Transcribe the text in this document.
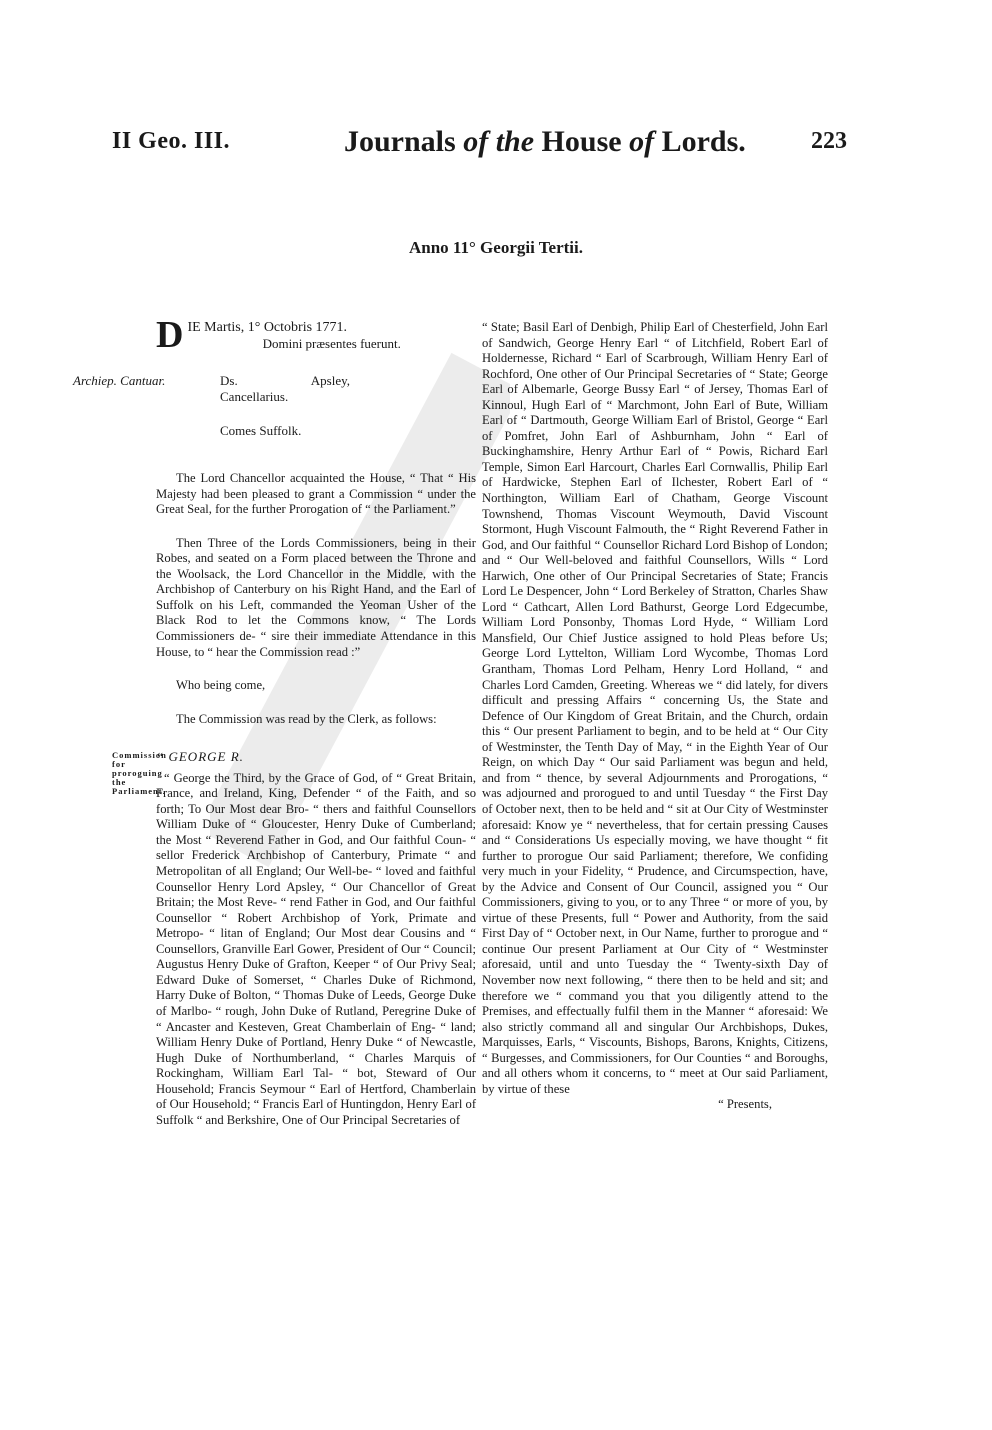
II Geo. III.	Journals of the House of Lords.	223
Anno 11° Georgii Tertii.

DIE Martis, 1° Octobris 1771.

Domini præsentes fuerunt.

Archiep. Cantuar.	Ds. Apsley, Cancellarius.
Comes Suffolk.

The Lord Chancellor acquainted the House, “ That “ His Majesty had been pleased to grant a Commission “ under the Great Seal, for the further Prorogation of “ the Parliament.”

Then Three of the Lords Commissioners, being in their Robes, and seated on a Form placed between the Throne and the Woolsack, the Lord Chancellor in the Middle, with the Archbishop of Canterbury on his Right Hand, and the Earl of Suffolk on his Left, commanded the Yeoman Usher of the Black Rod to let the Commons know, “ The Lords Commissioners de- “ sire their immediate Attendance in this House, to “ hear the Commission read :”

Who being come,

The Commission was read by the Clerk, as follows:

Commission for proroguing the Parliament.
“ GEORGE R.

“ George the Third, by the Grace of God, of “ Great Britain, France, and Ireland, King, Defender “ of the Faith, and so forth; To Our Most dear Bro- “ thers and faithful Counsellors William Duke of “ Gloucester, Henry Duke of Cumberland; the Most “ Reverend Father in God, and Our faithful Coun- “ sellor Frederick Archbishop of Canterbury, Primate “ and Metropolitan of all England; Our Well-be- “ loved and faithful Counsellor Henry Lord Apsley, “ Our Chancellor of Great Britain; the Most Reve- “ rend Father in God, and Our faithful Counsellor “ Robert Archbishop of York, Primate and Metropo- “ litan of England; Our Most dear Cousins and “ Counsellors, Granville Earl Gower, President of Our “ Council; Augustus Henry Duke of Grafton, Keeper “ of Our Privy Seal; Edward Duke of Somerset, “ Charles Duke of Richmond, Harry Duke of Bolton, “ Thomas Duke of Leeds, George Duke of Marlbo- “ rough, John Duke of Rutland, Peregrine Duke of “ Ancaster and Kesteven, Great Chamberlain of Eng- “ land; William Henry Duke of Portland, Henry Duke “ of Newcastle, Hugh Duke of Northumberland, “ Charles Marquis of Rockingham, William Earl Tal- “ bot, Steward of Our Household; Francis Seymour “ Earl of Hertford, Chamberlain of Our Household; “ Francis Earl of Huntingdon, Henry Earl of Suffolk “ and Berkshire, One of Our Principal Secretaries of

“ State; Basil Earl of Denbigh, Philip Earl of Chesterfield, John Earl of Sandwich, George Henry Earl “ of Litchfield, Robert Earl of Holdernesse, Richard “ Earl of Scarbrough, William Henry Earl of Rochford, One other of Our Principal Secretaries of “ State; George Earl of Albemarle, George Bussy Earl “ of Jersey, Thomas Earl of Kinnoul, Hugh Earl of “ Marchmont, John Earl of Bute, William Earl of “ Dartmouth, George William Earl of Bristol, George “ Earl of Pomfret, John Earl of Ashburnham, John “ Earl of Buckinghamshire, Henry Arthur Earl of “ Powis, Richard Earl Temple, Simon Earl Harcourt, Charles Earl Cornwallis, Philip Earl of Hardwicke, Stephen Earl of Ilchester, Robert Earl of “ Northington, William Earl of Chatham, George Viscount Townshend, Thomas Viscount Weymouth, David Viscount Stormont, Hugh Viscount Falmouth, the “ Right Reverend Father in God, and Our faithful “ Counsellor Richard Lord Bishop of London; and “ Our Well-beloved and faithful Counsellors, Wills “ Lord Harwich, One other of Our Principal Secretaries of State; Francis Lord Le Despencer, John “ Lord Berkeley of Stratton, Charles Shaw Lord “ Cathcart, Allen Lord Bathurst, George Lord Edgecumbe, William Lord Ponsonby, Thomas Lord Hyde, “ William Lord Mansfield, Our Chief Justice assigned to hold Pleas before Us; George Lord Lyttelton, William Lord Wycombe, Thomas Lord Grantham, Thomas Lord Pelham, Henry Lord Holland, “ and Charles Lord Camden, Greeting. Whereas we “ did lately, for divers difficult and pressing Affairs “ concerning Us, the State and Defence of Our Kingdom of Great Britain, and the Church, ordain this “ Our present Parliament to begin, and to be held at “ Our City of Westminster, the Tenth Day of May, “ in the Eighth Year of Our Reign, on which Day “ Our said Parliament was begun and held, and from “ thence, by several Adjournments and Prorogations, “ was adjourned and prorogued to and until Tuesday “ the First Day of October next, then to be held and “ sit at Our City of Westminster aforesaid: Know ye “ nevertheless, that for certain pressing Causes and “ Considerations Us especially moving, we have thought “ fit further to prorogue Our said Parliament; therefore, We confiding very much in your Fidelity, “ Prudence, and Circumspection, have, by the Advice and Consent of Our Council, assigned you “ Our Commissioners, giving to you, or to any Three “ or more of you, by virtue of these Presents, full “ Power and Authority, from the said First Day of “ October next, in Our Name, further to prorogue and “ continue Our present Parliament at Our City of “ Westminster aforesaid, until and unto Tuesday the “ Twenty-sixth Day of November now next following, “ there then to be held and sit; and therefore we “ command you that you diligently attend to the Premises, and effectually fulfil them in the Manner “ aforesaid: We also strictly command all and singular Our Archbishops, Dukes, Marquisses, Earls, “ Viscounts, Bishops, Barons, Knights, Citizens, “ Burgesses, and Commissioners, for Our Counties “ and Boroughs, and all others whom it concerns, to “ meet at Our said Parliament, by virtue of these

“ Presents,
